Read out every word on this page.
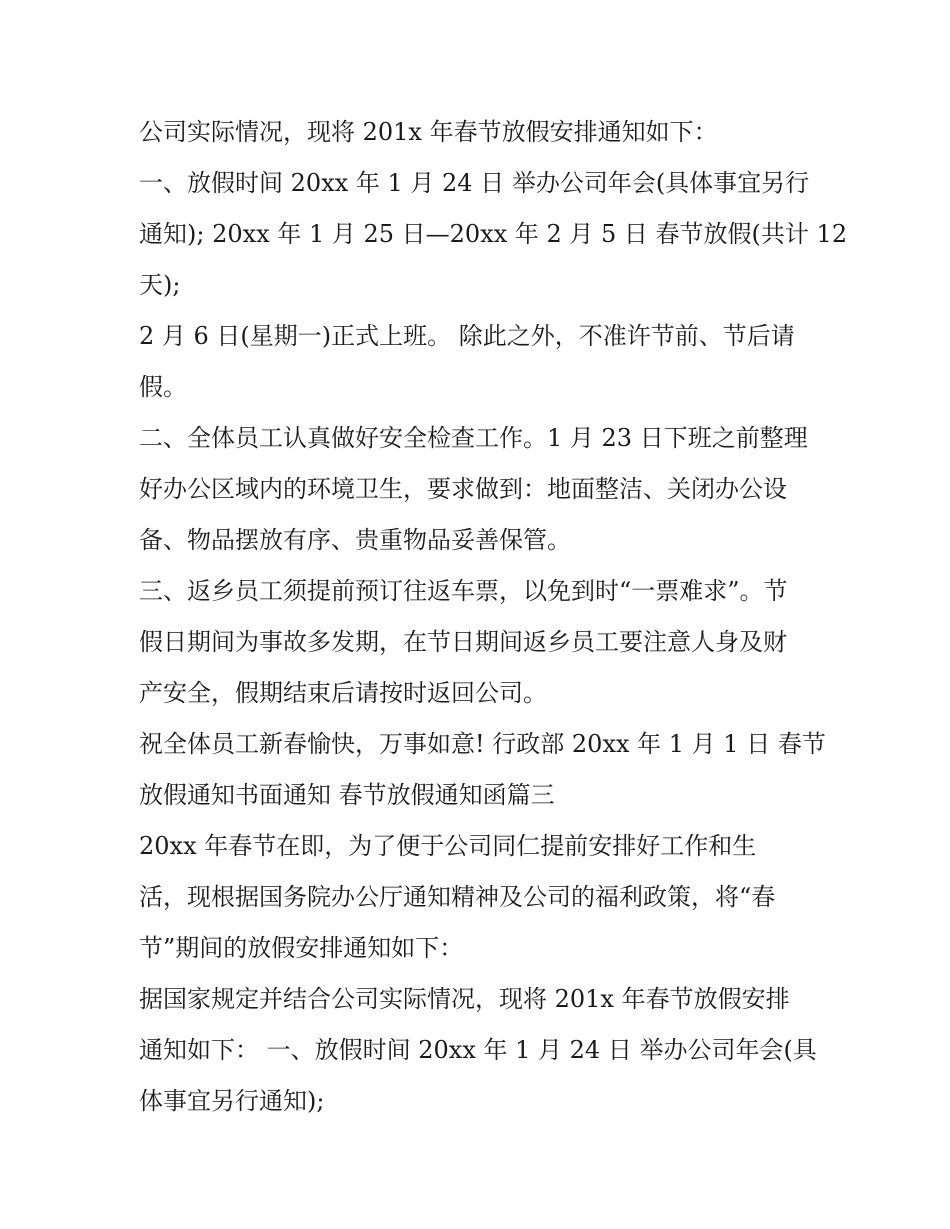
公司实际情况，现将 201x 年春节放假安排通知如下：
一、放假时间 20xx 年 1 月 24 日 举办公司年会(具体事宜另行
通知); 20xx 年 1 月 25 日—20xx 年 2 月 5 日 春节放假(共计 12
天);
2 月 6 日(星期一)正式上班。 除此之外，不准许节前、节后请
假。
二、全体员工认真做好安全检查工作。1 月 23 日下班之前整理
好办公区域内的环境卫生，要求做到：地面整洁、关闭办公设
备、物品摆放有序、贵重物品妥善保管。
三、返乡员工须提前预订往返车票，以免到时“一票难求”。节
假日期间为事故多发期，在节日期间返乡员工要注意人身及财
产安全，假期结束后请按时返回公司。
祝全体员工新春愉快，万事如意! 行政部 20xx 年 1 月 1 日 春节
放假通知书面通知 春节放假通知函篇三
20xx 年春节在即，为了便于公司同仁提前安排好工作和生
活，现根据国务院办公厅通知精神及公司的福利政策，将“春
节”期间的放假安排通知如下：
据国家规定并结合公司实际情况，现将 201x 年春节放假安排
通知如下： 一、放假时间 20xx 年 1 月 24 日 举办公司年会(具
体事宜另行通知);
